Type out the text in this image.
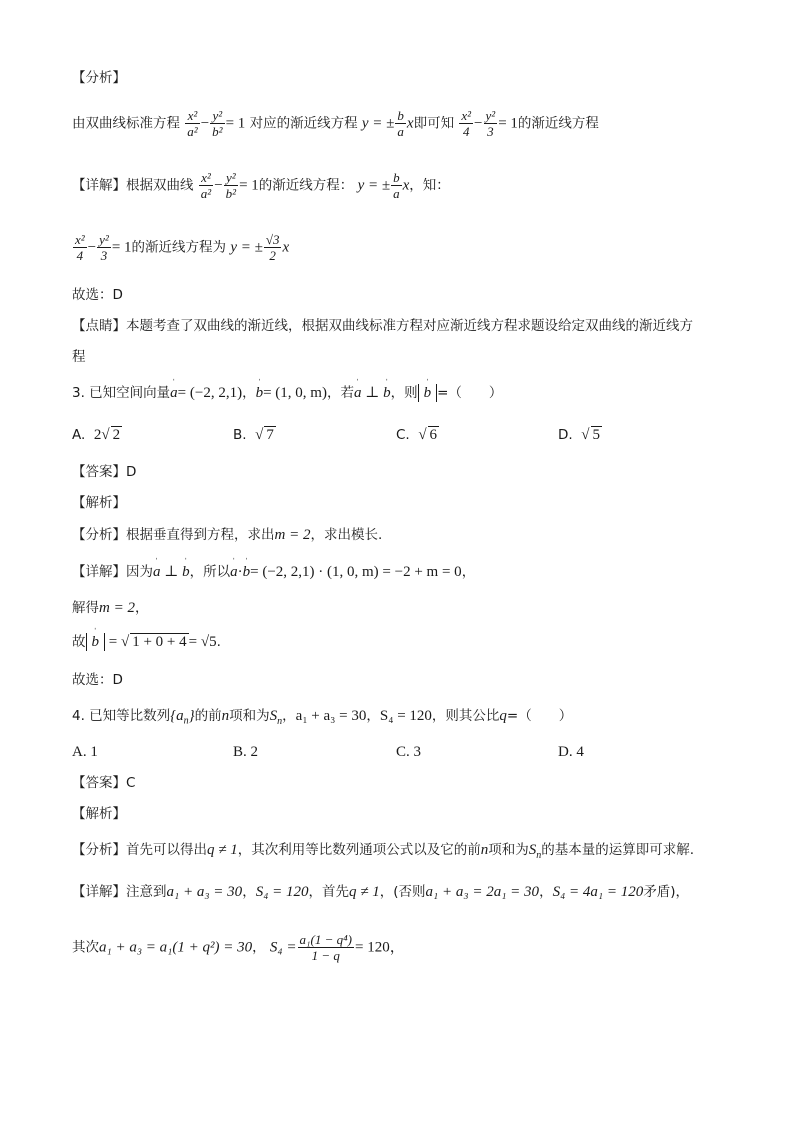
【分析】
由双曲线标准方程 $\frac{\text{x²}}{\text{a²}} - \frac{\text{y²}}{\text{b²}} = 1$ 对应的渐近线方程 y = ± $\frac{b}{a}$ x即可知 $\frac{\text{x²}}{4} - \frac{\text{y²}}{3} = 1$的渐近线方程
【详解】根据双曲线 $\frac{\text{x²}}{\text{a²}} - \frac{\text{y²}}{\text{b²}} = 1$的渐近线方程： y = ± $\frac{b}{a}$ x，知：
$\frac{\text{x²}}{4} - \frac{\text{y²}}{3} = 1$的渐近线方程为 y = ± $\frac{√3}{2}$ x
故选：D
【点睛】本题考查了双曲线的渐近线，根据双曲线标准方程对应渐近线方程求题设给定双曲线的渐近线方
程
3. 已知空间向量ˈ a= (−2, 2,1)，ˈ b= (1, 0, m)，若ˈ a ⊥ ˈ b，则 ˈ b =（　　）
A. 2√ 2	B. √ 7	C. √ 6	D. √ 5
【答案】D
【解析】
【分析】根据垂直得到方程，求出m = 2，求出模长.
【详解】因为ˈ a ⊥ ˈ b，所以ˈ a·ˈ b= (−2, 2,1) · (1, 0, m) = −2 + m = 0，
解得m = 2，
故 ˈ b = √ 1 + 0 + 4 = √5.
故选：D
4. 已知等比数列$\{a_n\}$的前n项和为$S_n$，a₁ + a₃ = 30，S₄ = 120，则其公比q=（　　）
A. 1	B. 2	C. 3	D. 4
【答案】C
【解析】
【分析】首先可以得出q ≠ 1，其次利用等比数列通项公式以及它的前n项和为$S_n$的基本量的运算即可求解.
【详解】注意到a₁ + a₃ = 30，S₄ = 120，首先q ≠ 1，(否则a₁ + a₃ = 2a₁ = 30，S₄ = 4a₁ = 120矛盾)，
其次a₁ + a₃ = a₁(1 + q²) = 30， $S_4 = \frac{\text{a₁(1 − q⁴)}}{1 - q} = 120$，
